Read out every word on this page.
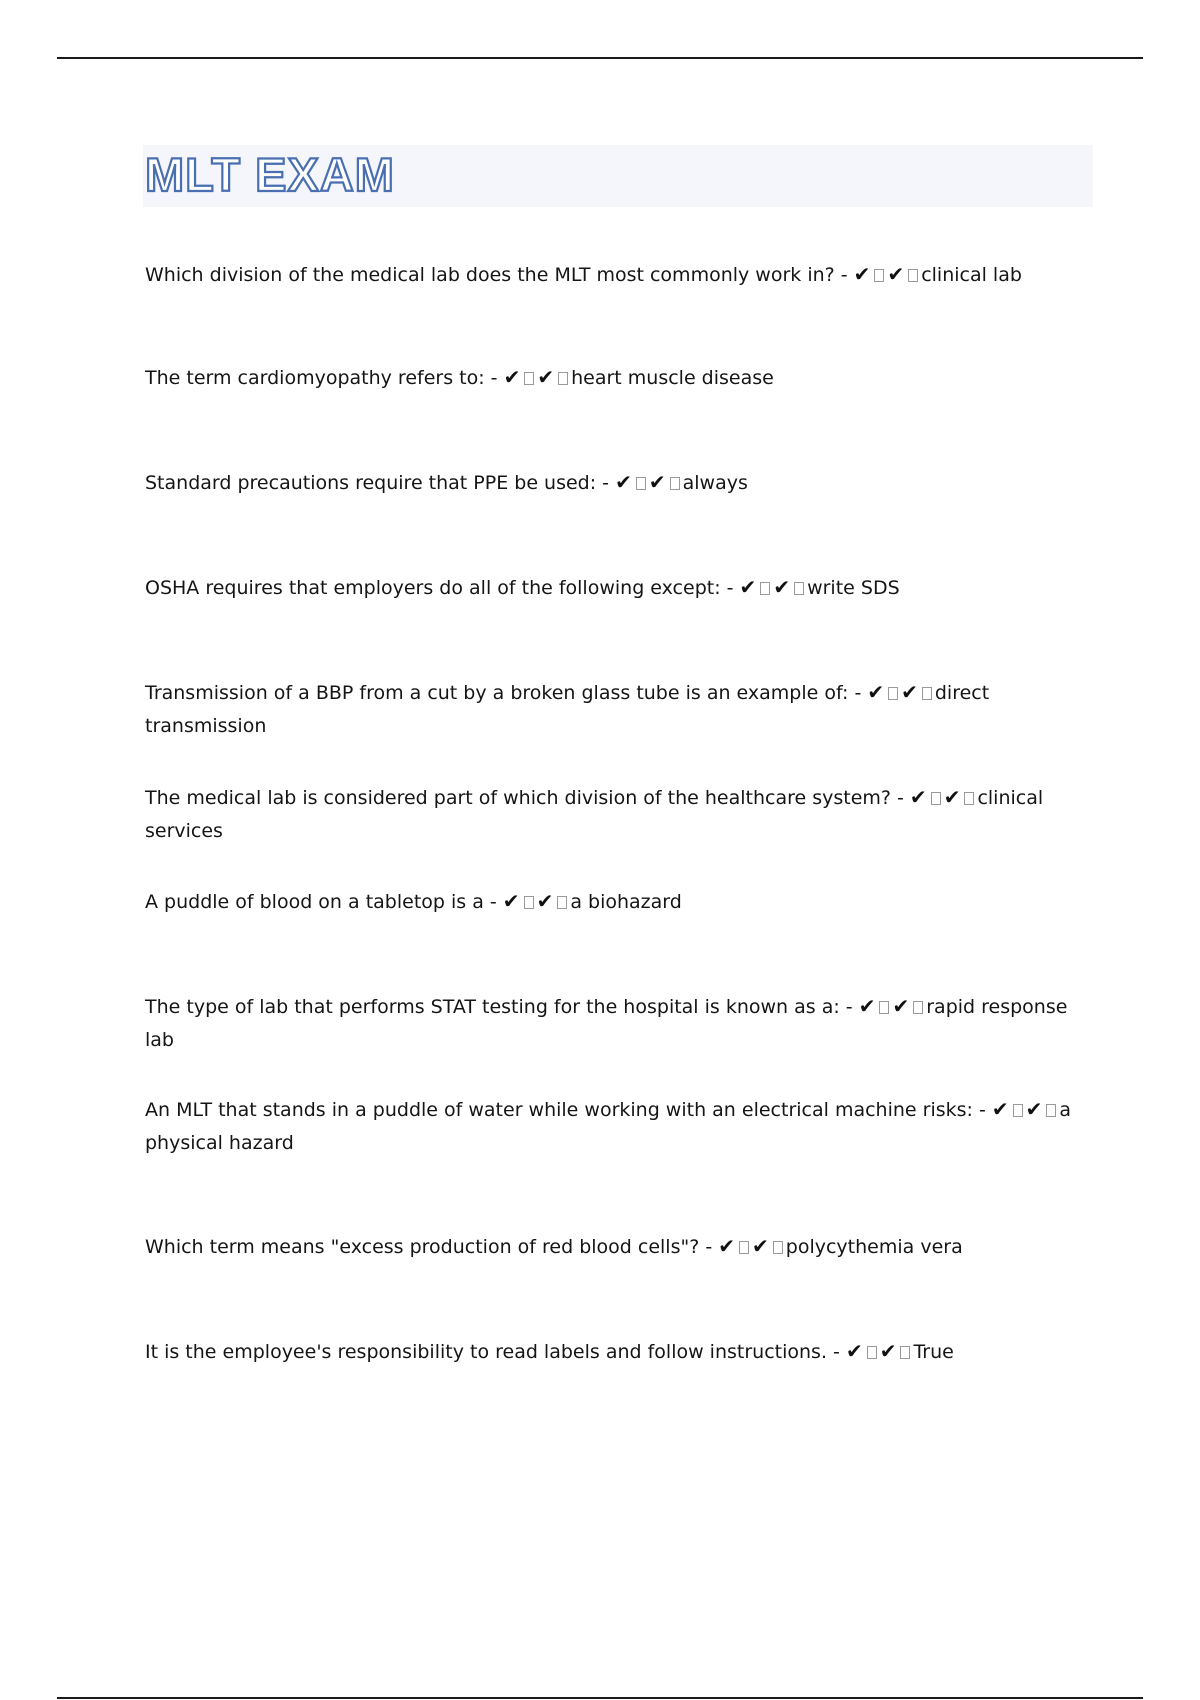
MLT EXAM
Which division of the medical lab does the MLT most commonly work in? - ✔ ✔ clinical lab
The term cardiomyopathy refers to: - ✔ ✔ heart muscle disease
Standard precautions require that PPE be used: - ✔ ✔ always
OSHA requires that employers do all of the following except: - ✔ ✔ write SDS
Transmission of a BBP from a cut by a broken glass tube is an example of: - ✔ ✔ direct transmission
The medical lab is considered part of which division of the healthcare system? - ✔ ✔ clinical services
A puddle of blood on a tabletop is a - ✔ ✔ a biohazard
The type of lab that performs STAT testing for the hospital is known as a: - ✔ ✔ rapid response lab
An MLT that stands in a puddle of water while working with an electrical machine risks: - ✔ ✔ a physical hazard
Which term means "excess production of red blood cells"? - ✔ ✔ polycythemia vera
It is the employee's responsibility to read labels and follow instructions. - ✔ ✔ True
